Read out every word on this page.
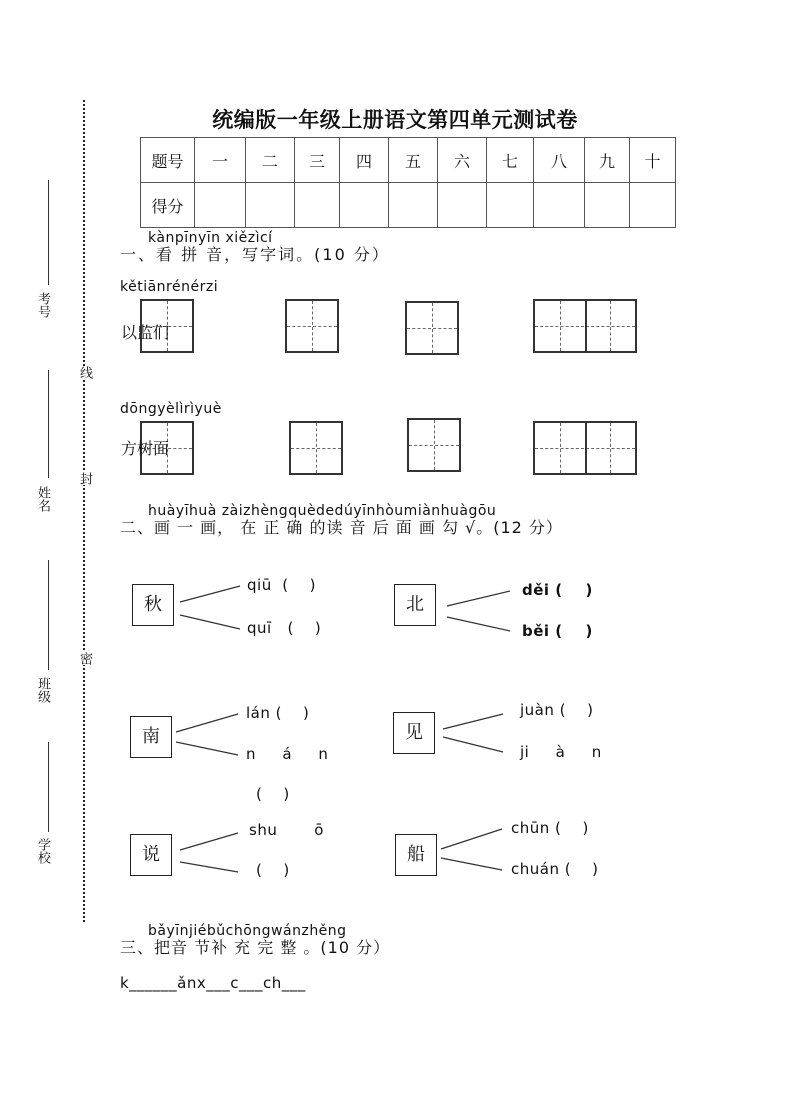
考号
姓名
班级
学校
线
封
密
统编版一年级上册语文第四单元测试卷
题号	一	二	三	四	五	六	七	八	九	十
得分										
kànpīnyīn xiězìcí
一、看 拼 音，写字词。(10 分）
kětiānrénérzi
以监们
dōngyèlìrìyuè
方树面
huàyīhuà zàizhèngquèdedúyīnhòumiànhuàgōu
二、画 一 画， 在 正 确 的读 音 后 面 画 勾 √。(12 分）
秋
qiū  (    )
quī   (    )
北
děi (    )
běi (    )
南
lán (    )
n     á     n
(    )
见
juàn (    )
ji     à     n
说
shu       ō
(    )
船
chūn (    )
chuán (    )
bǎyīnjiébǔchōngwánzhěng
三、把音 节补 充 完 整 。(10 分）
k______ǎnx___c___ch___
